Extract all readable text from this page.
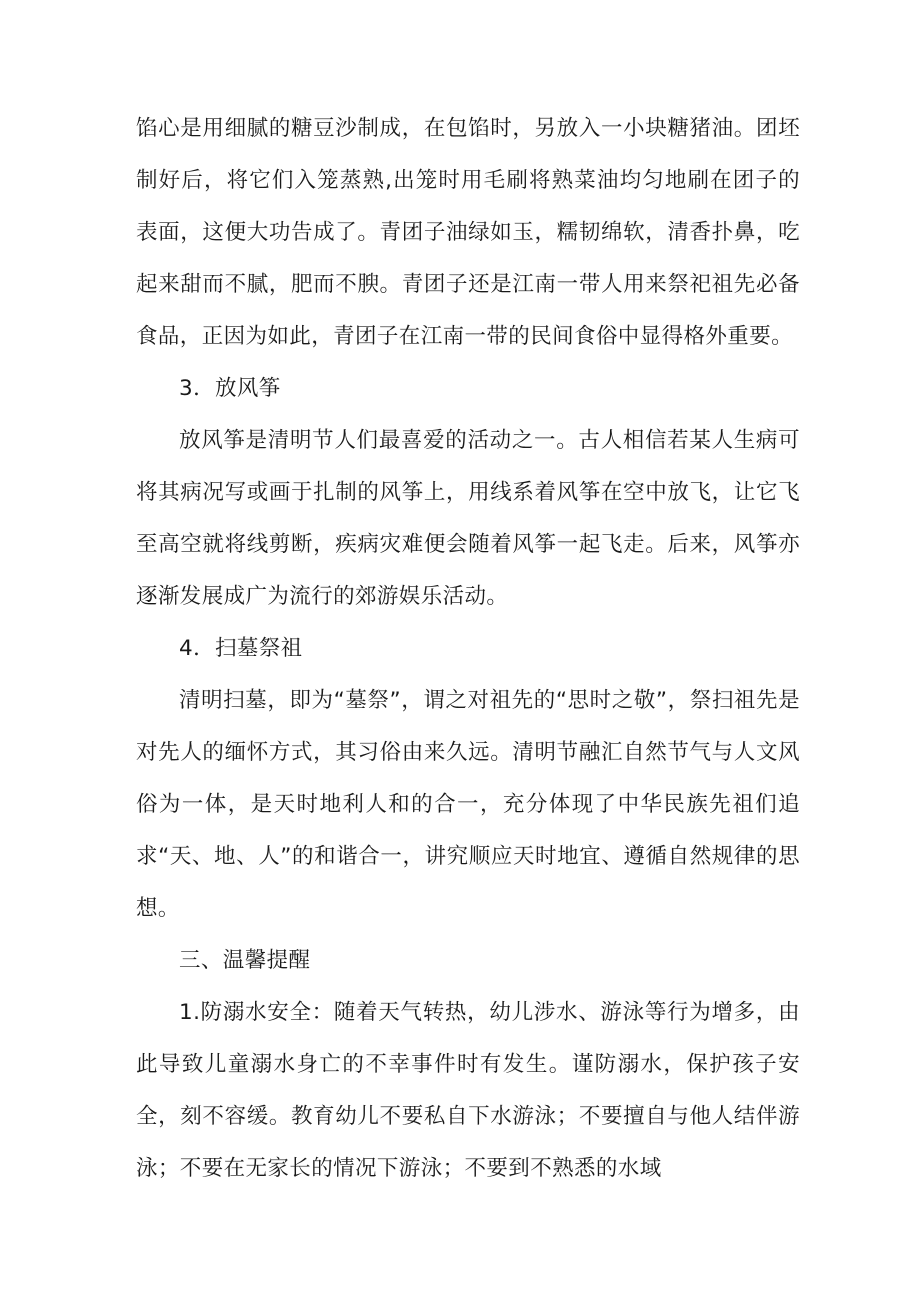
馅心是用细腻的糖豆沙制成，在包馅时，另放入一小块糖猪油。团坯制好后，将它们入笼蒸熟,出笼时用毛刷将熟菜油均匀地刷在团子的表面，这便大功告成了。青团子油绿如玉，糯韧绵软，清香扑鼻，吃起来甜而不腻，肥而不腴。青团子还是江南一带人用来祭祀祖先必备食品，正因为如此，青团子在江南一带的民间食俗中显得格外重要。

3．放风筝

放风筝是清明节人们最喜爱的活动之一。古人相信若某人生病可将其病况写或画于扎制的风筝上，用线系着风筝在空中放飞，让它飞至高空就将线剪断，疾病灾难便会随着风筝一起飞走。后来，风筝亦逐渐发展成广为流行的郊游娱乐活动。

4．扫墓祭祖

清明扫墓，即为“墓祭”，谓之对祖先的“思时之敬”，祭扫祖先是对先人的缅怀方式，其习俗由来久远。清明节融汇自然节气与人文风俗为一体，是天时地利人和的合一，充分体现了中华民族先祖们追求“天、地、人”的和谐合一，讲究顺应天时地宜、遵循自然规律的思想。

三、温馨提醒

1.防溺水安全：随着天气转热，幼儿涉水、游泳等行为增多，由此导致儿童溺水身亡的不幸事件时有发生。谨防溺水，保护孩子安全，刻不容缓。教育幼儿不要私自下水游泳；不要擅自与他人结伴游泳；不要在无家长的情况下游泳；不要到不熟悉的水域
